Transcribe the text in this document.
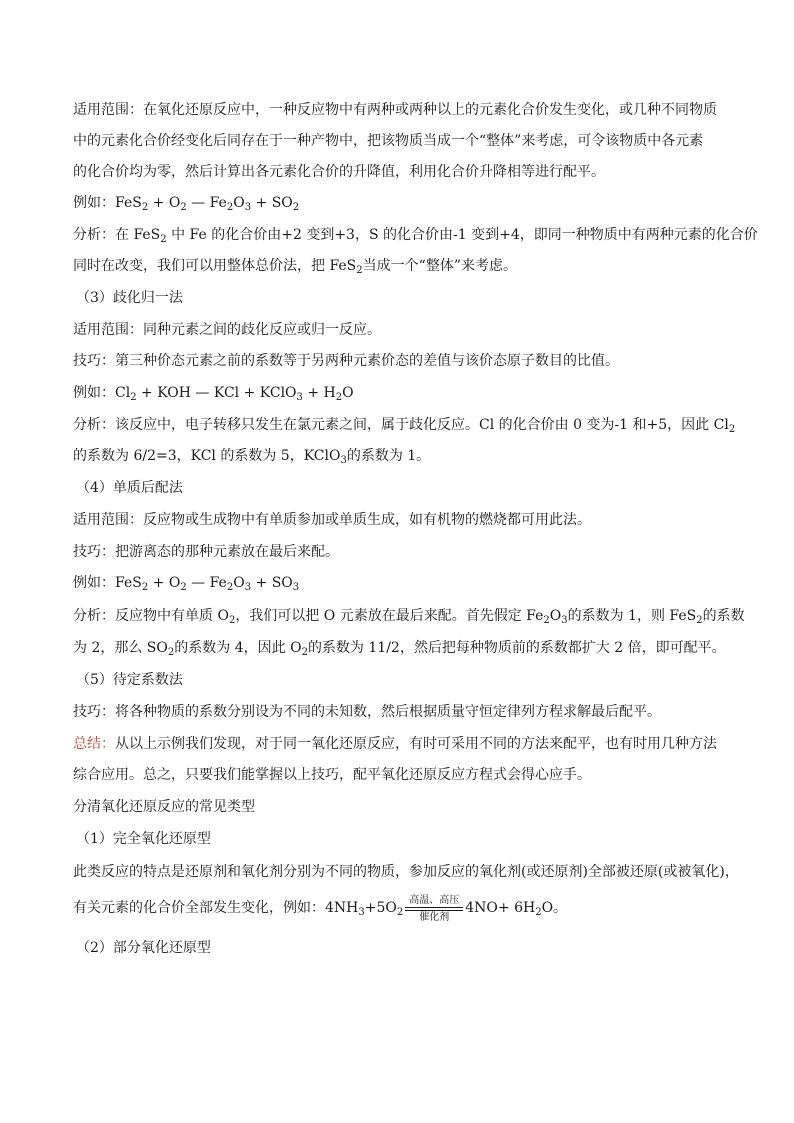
适用范围：在氧化还原反应中，一种反应物中有两种或两种以上的元素化合价发生变化，或几种不同物质
中的元素化合价经变化后同存在于一种产物中，把该物质当成一个“整体”来考虑，可令该物质中各元素
的化合价均为零，然后计算出各元素化合价的升降值，利用化合价升降相等进行配平。
例如：$FeS_2 + O_2$ — $Fe_2O_3 + SO_2$
分析：在 FeS$_2$ 中 Fe 的化合价由+2 变到+3，S 的化合价由-1 变到+4，即同一种物质中有两种元素的化合价
同时在改变，我们可以用整体总价法，把 FeS$_2$当成一个“整体”来考虑。
（3）歧化归一法
适用范围：同种元素之间的歧化反应或归一反应。
技巧：第三种价态元素之前的系数等于另两种元素价态的差值与该价态原子数目的比值。
例如：$Cl_2$ + KOH — KCl + KClO$_3$ + $H_2O$
分析：该反应中，电子转移只发生在氯元素之间，属于歧化反应。Cl 的化合价由 0 变为-1 和+5，因此 $Cl_2$
的系数为 6/2=3，KCl 的系数为 5，KClO$_3$的系数为 1。
（4）单质后配法
适用范围：反应物或生成物中有单质参加或单质生成，如有机物的燃烧都可用此法。
技巧：把游离态的那种元素放在最后来配。
例如：$FeS_2 + O_2$ — $Fe_2O_3 + SO_3$
分析：反应物中有单质 $O_2$，我们可以把 O 元素放在最后来配。首先假定 $Fe_2O_3$的系数为 1，则 FeS$_2$的系数
为 2，那么 $SO_2$的系数为 4，因此 $O_2$的系数为 11/2，然后把每种物质前的系数都扩大 2 倍，即可配平。
（5）待定系数法
技巧：将各种物质的系数分别设为不同的未知数，然后根据质量守恒定律列方程求解最后配平。
总结：从以上示例我们发现，对于同一氧化还原反应，有时可采用不同的方法来配平，也有时用几种方法
综合应用。总之，只要我们能掌握以上技巧，配平氧化还原反应方程式会得心应手。
分清氧化还原反应的常见类型
（1）完全氧化还原型
此类反应的特点是还原剂和氧化剂分别为不同的物质，参加反应的氧化剂(或还原剂)全部被还原(或被氧化)，
有关元素的化合价全部发生变化，例如：$4NH_3+5O_2$
高温、高压
催化剂
$4NO+ 6H_2O$。
（2）部分氧化还原型
